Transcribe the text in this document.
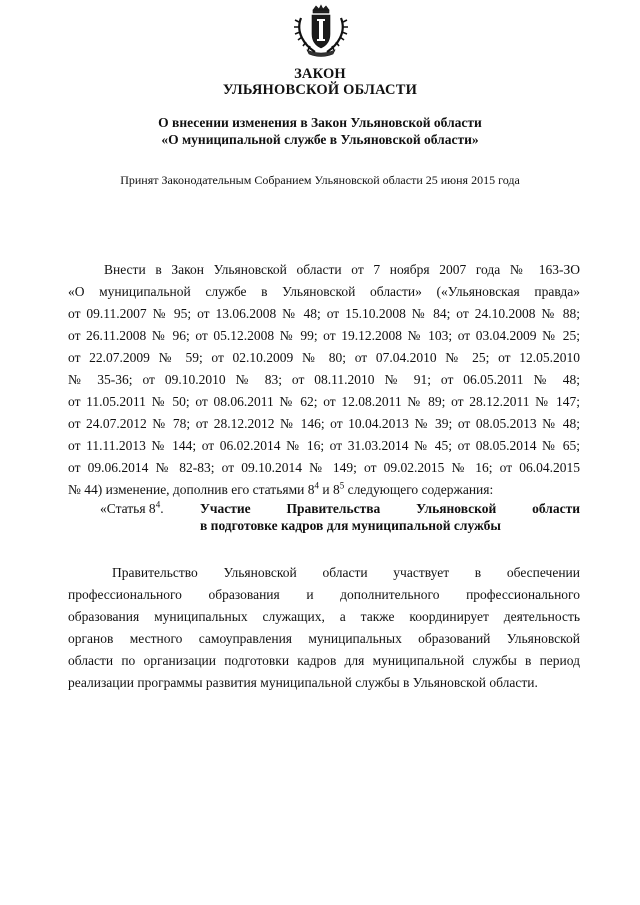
ЗАКОН
УЛЬЯНОВСКОЙ ОБЛАСТИ
О внесении изменения в Закон Ульяновской области
«О муниципальной службе в Ульяновской области»
Принят Законодательным Собранием Ульяновской области 25 июня 2015 года
Внести в Закон Ульяновской области от 7 ноября 2007 года № 163-ЗО
«О муниципальной службе в Ульяновской области» («Ульяновская правда»
от 09.11.2007 № 95; от 13.06.2008 № 48; от 15.10.2008 № 84; от 24.10.2008 № 88;
от 26.11.2008 № 96; от 05.12.2008 № 99; от 19.12.2008 № 103; от 03.04.2009 № 25;
от 22.07.2009 № 59; от 02.10.2009 № 80; от 07.04.2010 № 25; от 12.05.2010
№ 35-36; от 09.10.2010 № 83; от 08.11.2010 № 91; от 06.05.2011 № 48;
от 11.05.2011 № 50; от 08.06.2011 № 62; от 12.08.2011 № 89; от 28.12.2011 № 147;
от 24.07.2012 № 78; от 28.12.2012 № 146; от 10.04.2013 № 39; от 08.05.2013 № 48;
от 11.11.2013 № 144; от 06.02.2014 № 16; от 31.03.2014 № 45; от 08.05.2014 № 65;
от 09.06.2014 № 82-83; от 09.10.2014 № 149; от 09.02.2015 № 16; от 06.04.2015
№ 44) изменение, дополнив его статьями $8^4$ и $8^5$ следующего содержания:
«Статья $8^4$.	Участие Правительства Ульяновской области
в подготовке кадров для муниципальной службы
Правительство Ульяновской области участвует в обеспечении
профессионального образования и дополнительного профессионального
образования муниципальных служащих, а также координирует деятельность
органов местного самоуправления муниципальных образований Ульяновской
области по организации подготовки кадров для муниципальной службы в период
реализации программы развития муниципальной службы в Ульяновской области.
